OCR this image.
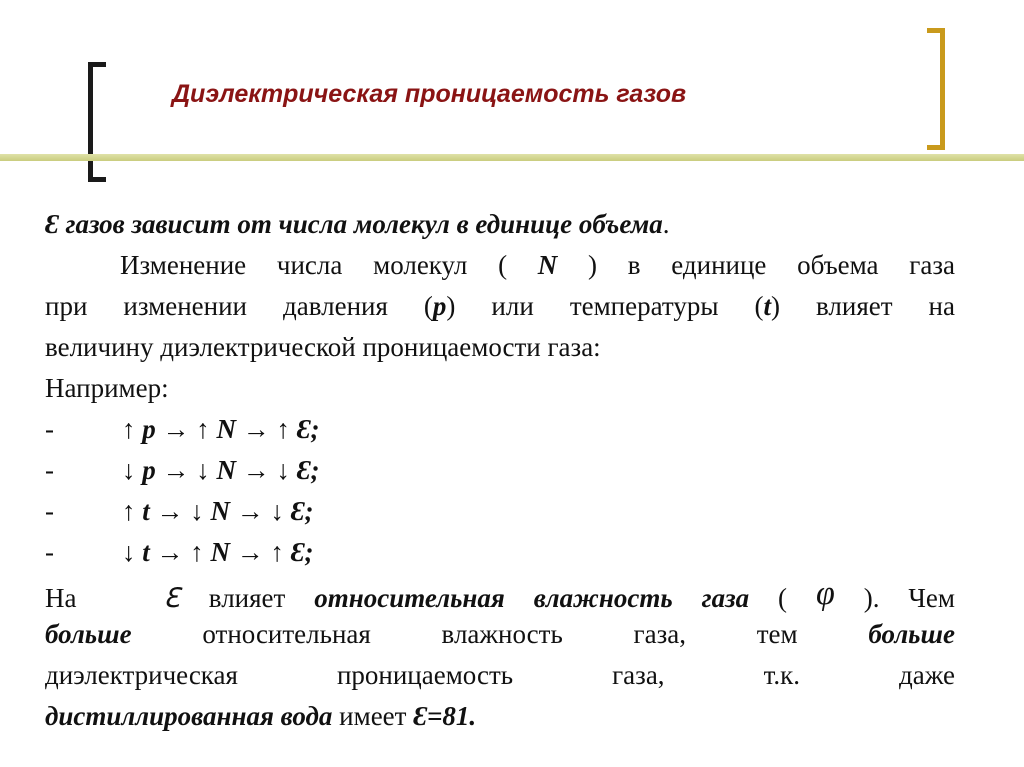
Диэлектрическая проницаемость газов
Ɛ газов зависит от числа молекул в единице объема.
Изменение числа молекул ( N ) в единице объема газа
при изменении давления (р) или температуры (t) влияет на
величину диэлектрической проницаемости газа:
Например:
-	↑ р → ↑ N → ↑ Ɛ;
-	↓ р → ↓ N → ↓ Ɛ;
-	↑ t → ↓ N → ↓ Ɛ;
-	↓ t → ↑ N → ↑ Ɛ;
На	ℇ влияет относительная влажность газа ( φ ). Чем
больше относительная влажность газа, тем больше
диэлектрическая проницаемость газа, т.к. даже
дистиллированная вода имеет Ɛ=81.
